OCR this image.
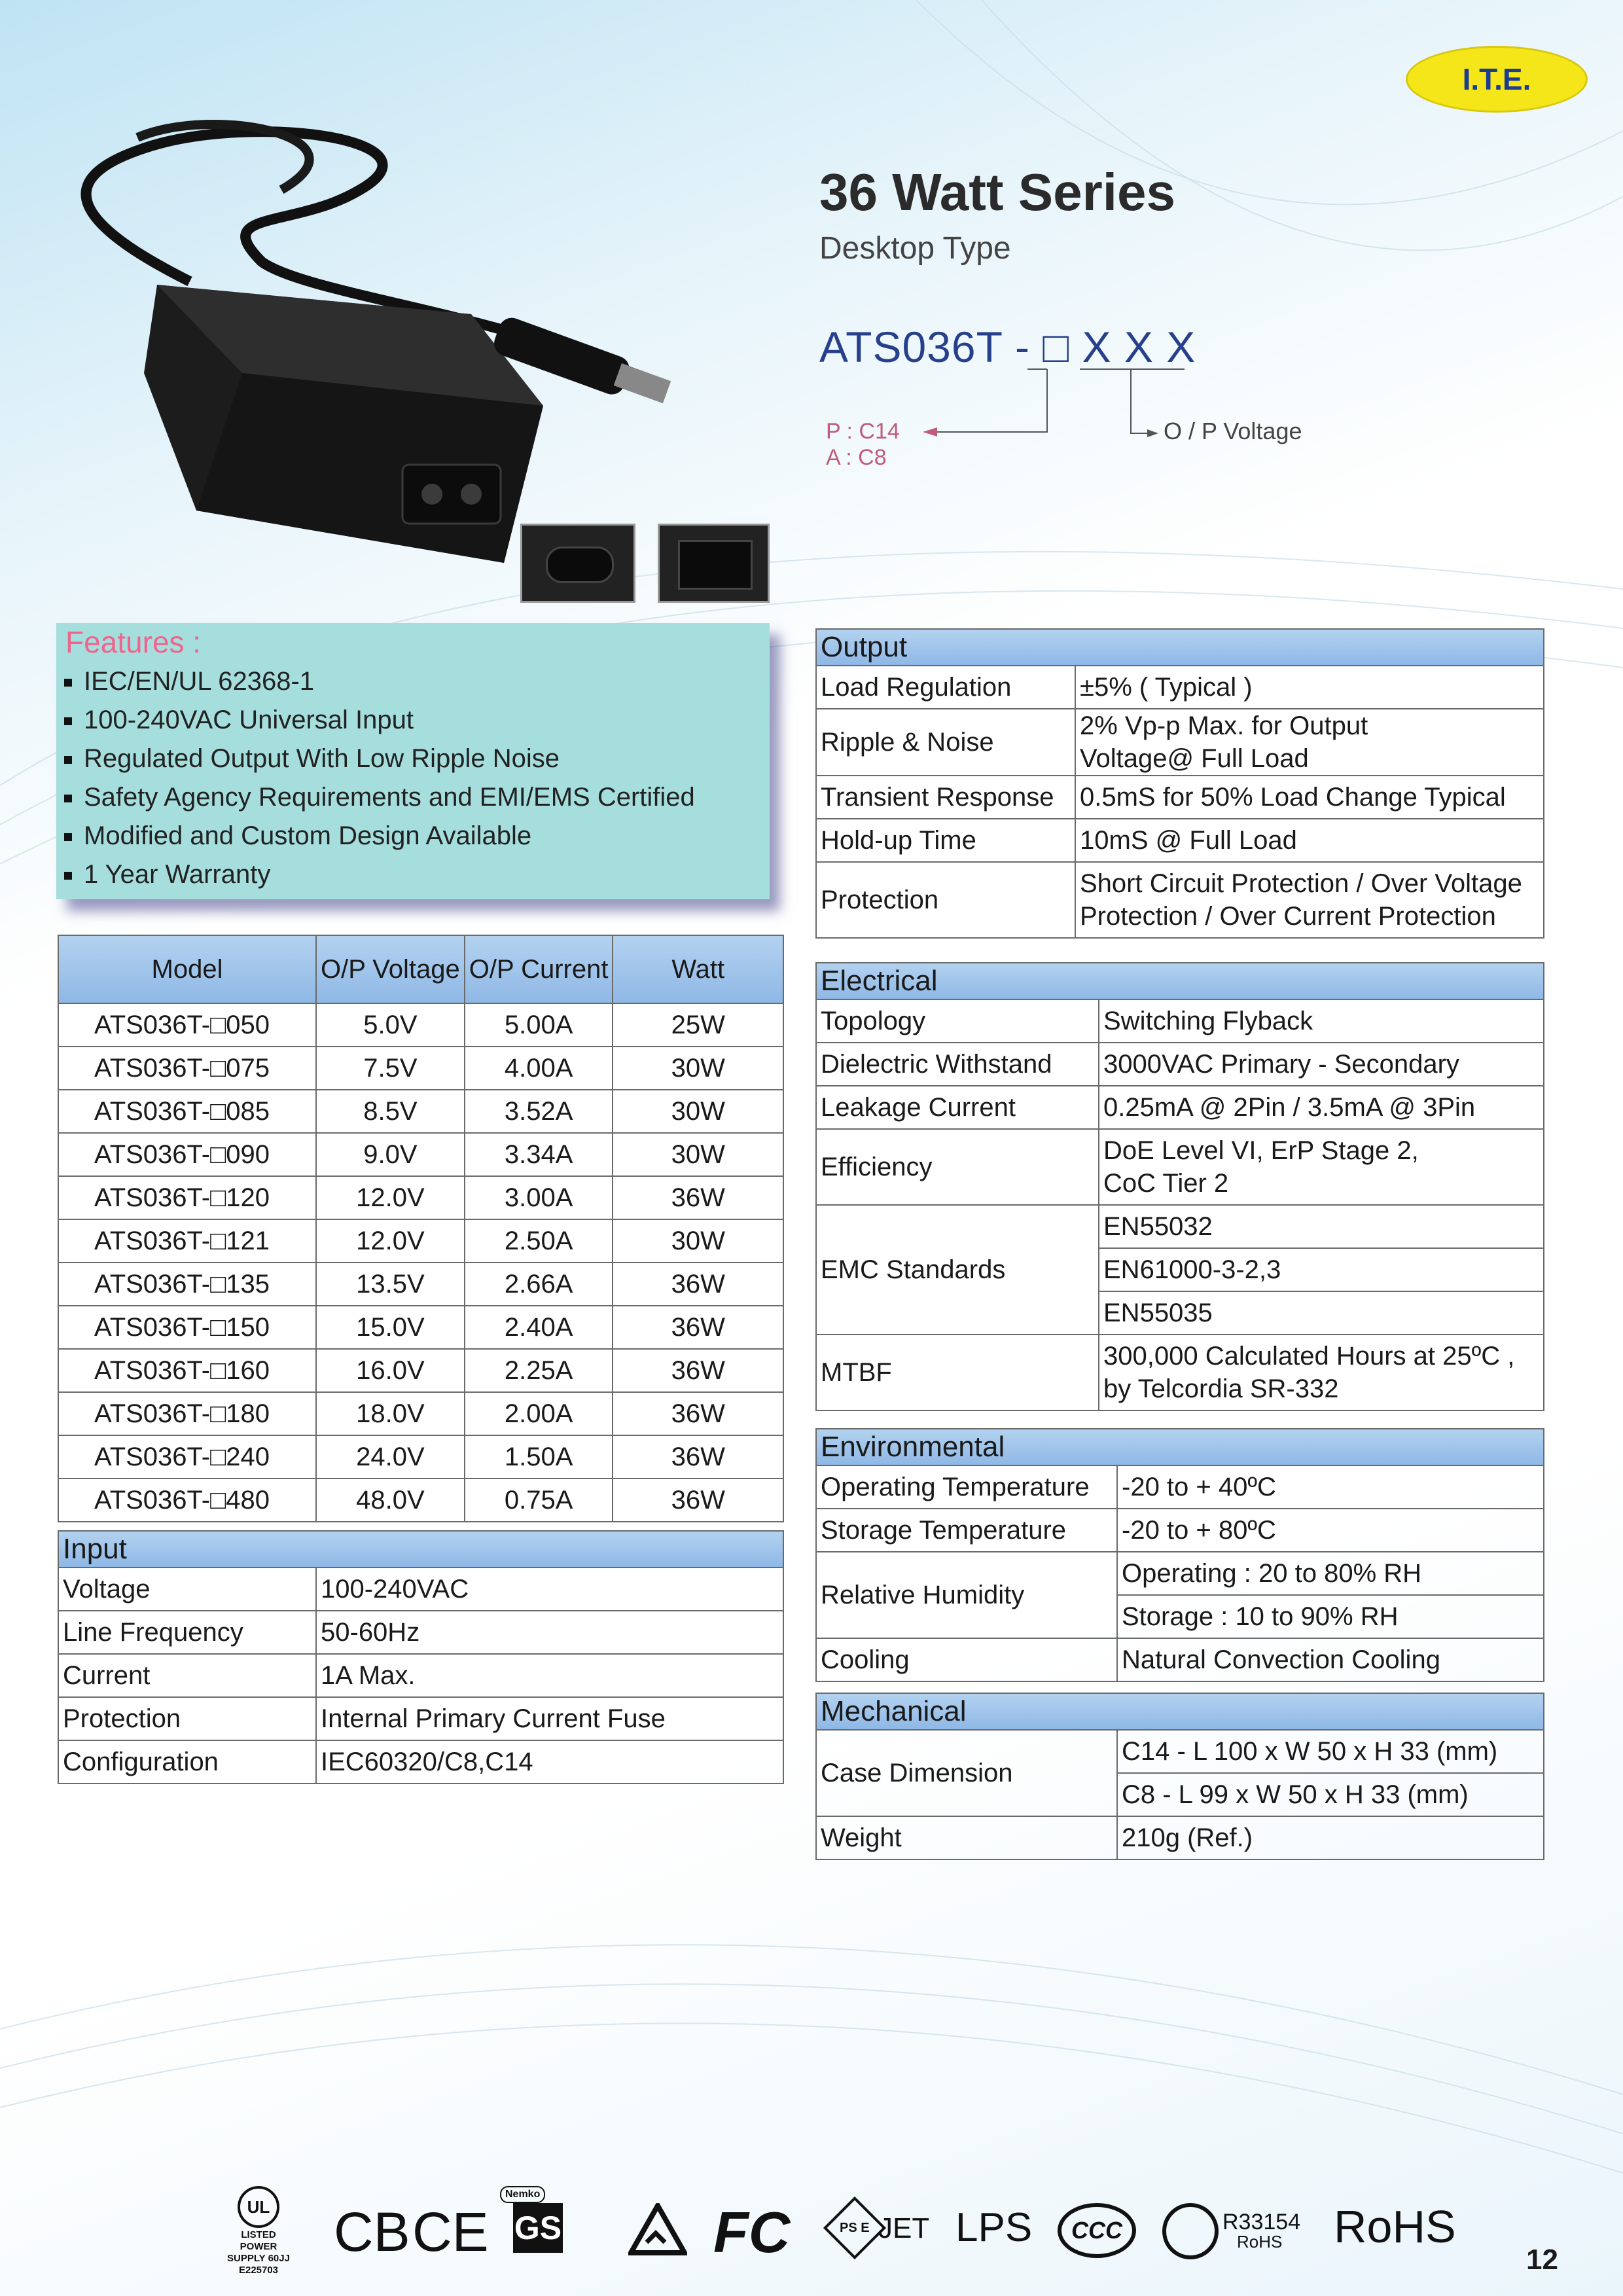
I.T.E.
36 Watt Series
Desktop Type
ATS036T - □ X X X
P : C14
A : C8
O / P Voltage
Features :
IEC/EN/UL 62368-1
100-240VAC Universal Input
Regulated Output With Low Ripple Noise
Safety Agency Requirements and EMI/EMS Certified
Modified and Custom Design Available
1 Year Warranty
Model	O/P Voltage	O/P Current	Watt
ATS036T-□050	5.0V	5.00A	25W
ATS036T-□075	7.5V	4.00A	30W
ATS036T-□085	8.5V	3.52A	30W
ATS036T-□090	9.0V	3.34A	30W
ATS036T-□120	12.0V	3.00A	36W
ATS036T-□121	12.0V	2.50A	30W
ATS036T-□135	13.5V	2.66A	36W
ATS036T-□150	15.0V	2.40A	36W
ATS036T-□160	16.0V	2.25A	36W
ATS036T-□180	18.0V	2.00A	36W
ATS036T-□240	24.0V	1.50A	36W
ATS036T-□480	48.0V	0.75A	36W
Input	
Voltage	100-240VAC
Line Frequency	50-60Hz
Current	1A Max.
Protection	Internal Primary Current Fuse
Configuration	IEC60320/C8,C14
Output	
Load Regulation	±5% ( Typical )
Ripple & Noise	2% Vp-p Max. for Output
Voltage@ Full Load

Transient Response	0.5mS for 50% Load Change Typical
Hold-up Time	10mS @ Full Load
Protection	Short Circuit Protection / Over Voltage
Protection / Over Current Protection
Electrical	
Topology	Switching Flyback
Dielectric Withstand	3000VAC Primary - Secondary
Leakage Current	0.25mA @ 2Pin / 3.5mA @ 3Pin
Efficiency	DoE Level VI, ErP Stage 2,
CoC Tier 2

EMC Standards	EN55032
	EN61000-3-2,3
	EN55035
MTBF	300,000 Calculated Hours at 25ºC ,
by Telcordia SR-332
Environmental	
Operating Temperature	-20 to + 40ºC
Storage Temperature	-20 to + 80ºC
Relative Humidity	Operating : 20 to 80% RH
	Storage : 10 to 90% RH
Cooling	Natural Convection Cooling
Mechanical	
Case Dimension	C14 - L 100 x W 50 x H 33 (mm)
	C8 - L 99 x W 50 x H 33 (mm)
Weight	210g (Ref.)
UL
LISTED POWER SUPPLY 60JJ E225703
CB CE
Nemko
GS	FC	PS E JET LPS	CCC	R33154
RoHS	RoHS
12
